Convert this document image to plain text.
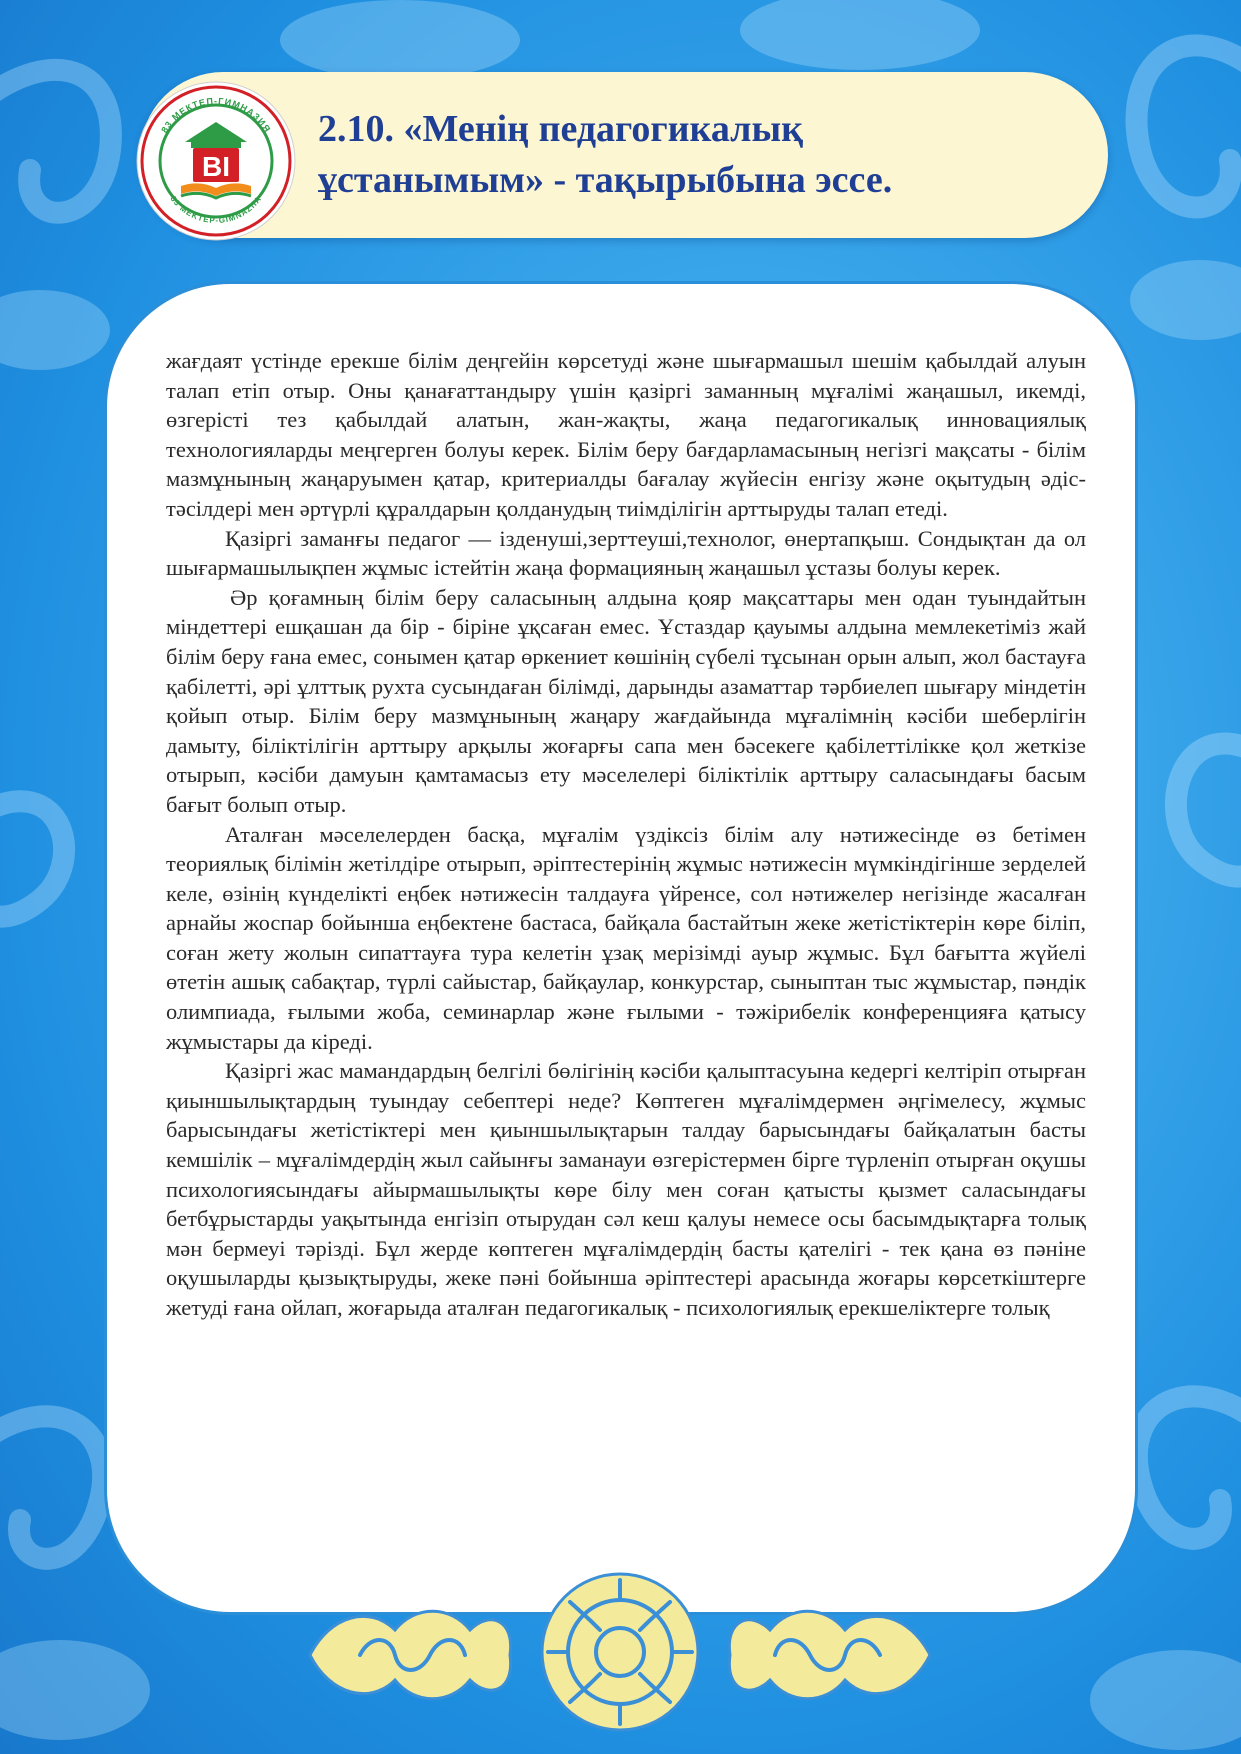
83 МЕКТЕП-ГИМНАЗИЯ
83 MEKTEP-GIMNAZIIA
ВІ
2.10. «Менің педагогикалық
ұстанымым» - тақырыбына эссе.

жағдаят үстінде ерекше білім деңгейін көрсетуді және шығармашыл шешім қабылдай алуын талап етіп отыр. Оны қанағаттандыру үшін қазіргі заманның мұғалімі жаңашыл, икемді, өзгерісті тез қабылдай алатын, жан-жақты, жаңа педагогикалық инновациялық технологияларды меңгерген болуы керек. Білім беру бағдарламасының негізгі мақсаты - білім мазмұнының жаңаруымен қатар, критериалды бағалау жүйесін енгізу және оқытудың әдіс-тәсілдері мен әртүрлі құралдарын қолданудың тиімділігін арттыруды талап етеді.

Қазіргі заманғы педагог — ізденуші,зерттеуші,технолог, өнертапқыш. Сондықтан да ол шығармашылықпен жұмыс істейтін жаңа формацияның жаңашыл ұстазы болуы керек.

Әр қоғамның білім беру саласының алдына қояр мақсаттары мен одан туындайтын міндеттері ешқашан да бір - біріне ұқсаған емес. Ұстаздар қауымы алдына мемлекетіміз жай білім беру ғана емес, сонымен қатар өркениет көшінің сүбелі тұсынан орын алып, жол бастауға қабілетті, әрі ұлттық рухта сусындаған білімді, дарынды азаматтар тәрбиелеп шығару міндетін қойып отыр. Білім беру мазмұнының жаңару жағдайында мұғалімнің кәсіби шеберлігін дамыту, біліктілігін арттыру арқылы жоғарғы сапа мен бәсекеге қабілеттілікке қол жеткізе отырып, кәсіби дамуын қамтамасыз ету мәселелері біліктілік арттыру саласындағы басым бағыт болып отыр.

Аталған мәселелерден басқа, мұғалім үздіксіз білім алу нәтижесінде өз бетімен теориялық білімін жетілдіре отырып, әріптестерінің жұмыс нәтижесін мүмкіндігінше зерделей келе, өзінің күнделікті еңбек нәтижесін талдауға үйренсе, сол нәтижелер негізінде жасалған арнайы жоспар бойынша еңбектене бастаса, байқала бастайтын жеке жетістіктерін көре біліп, соған жету жолын сипаттауға тура келетін ұзақ мерізімді ауыр жұмыс. Бұл бағытта жүйелі өтетін ашық сабақтар, түрлі сайыстар, байқаулар, конкурстар, сыныптан тыс жұмыстар, пәндік олимпиада, ғылыми жоба, семинарлар және ғылыми - тәжірибелік конференцияға қатысу жұмыстары да кіреді.

Қазіргі жас мамандардың белгілі бөлігінің кәсіби қалыптасуына кедергі келтіріп отырған қиыншылықтардың туындау себептері неде? Көптеген мұғалімдермен әңгімелесу, жұмыс барысындағы жетістіктері мен қиыншылықтарын талдау барысындағы байқалатын басты кемшілік – мұғалімдердің жыл сайынғы заманауи өзгерістермен бірге түрленіп отырған оқушы психологиясындағы айырмашылықты көре білу мен соған қатысты қызмет саласындағы бетбұрыстарды уақытында енгізіп отырудан сәл кеш қалуы немесе осы басымдықтарға толық мән бермеуі тәрізді. Бұл жерде көптеген мұғалімдердің басты қателігі - тек қана өз пәніне оқушыларды қызықтыруды, жеке пәні бойынша әріптестері арасында жоғары көрсеткіштерге жетуді ғана ойлап, жоғарыда аталған педагогикалық - психологиялық ерекшеліктерге толық
